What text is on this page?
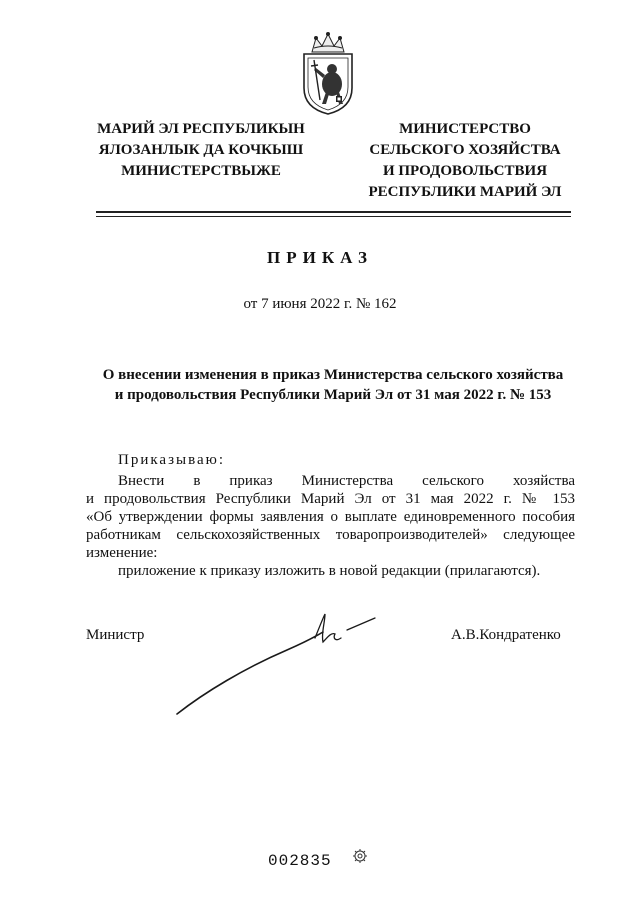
МАРИЙ ЭЛ РЕСПУБЛИКЫН
ЯЛОЗАНЛЫК ДА КОЧКЫШ
МИНИСТЕРСТВЫЖЕ
МИНИСТЕРСТВО
СЕЛЬСКОГО ХОЗЯЙСТВА
И ПРОДОВОЛЬСТВИЯ
РЕСПУБЛИКИ МАРИЙ ЭЛ
ПРИКАЗ
от 7 июня 2022 г. № 162
О внесении изменения в приказ Министерства сельского хозяйства
и продовольствия Республики Марий Эл от 31 мая 2022 г. № 153
Приказываю:

Внести в приказ Министерства сельского хозяйства

и продовольствия Республики Марий Эл от 31 мая 2022 г. № 153

«Об утверждении формы заявления о выплате единовременного пособия

работникам сельскохозяйственных товаропроизводителей» следующее

изменение:

приложение к приказу изложить в новой редакции (прилагаются).
Министр	А.В.Кондратенко
002835
